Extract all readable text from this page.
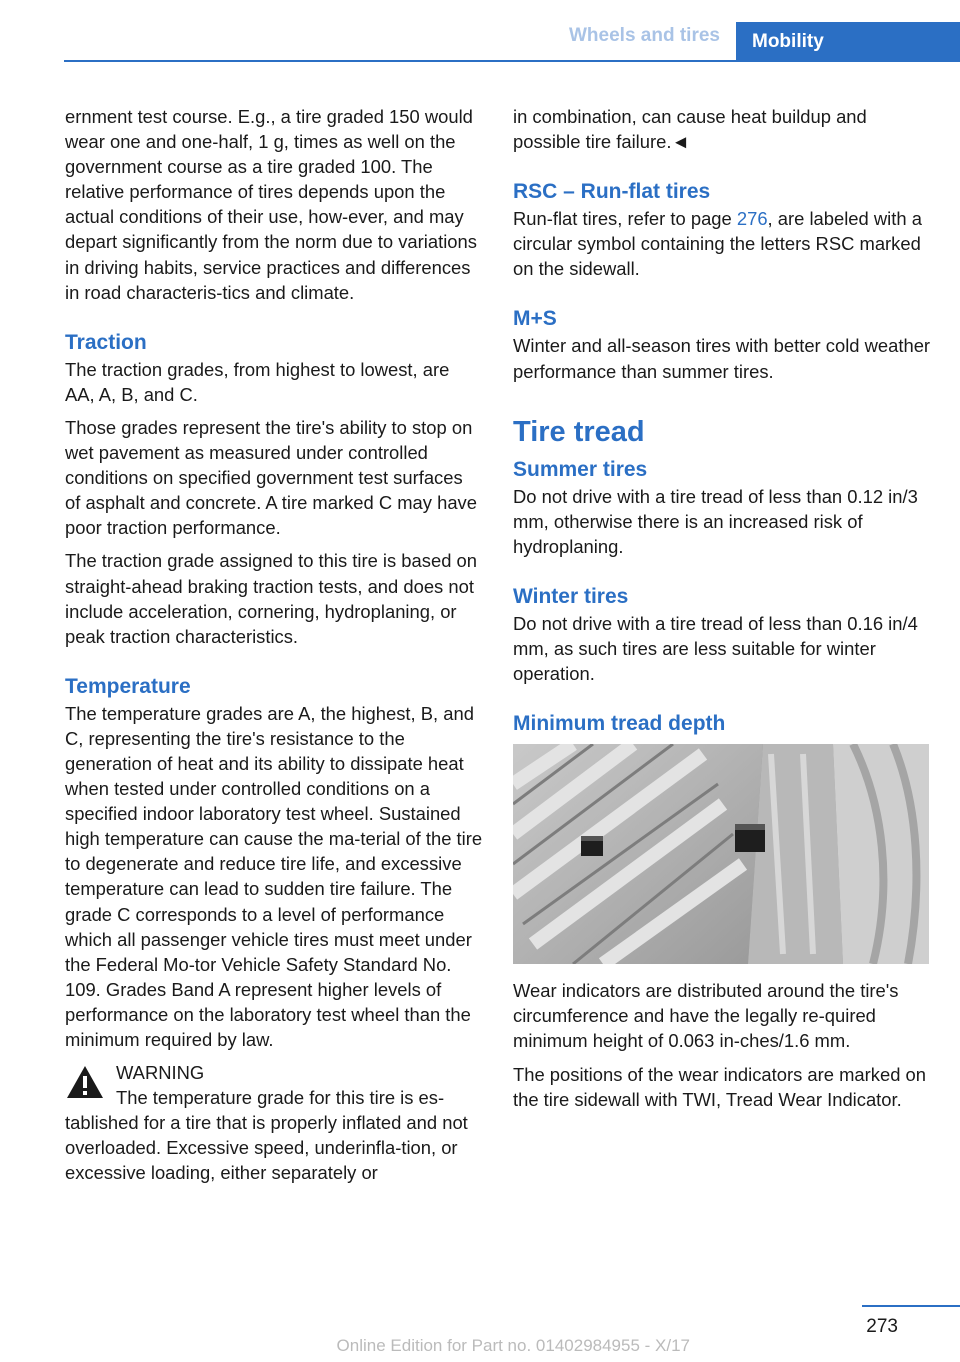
Wheels and tires	Mobility

ernment test course. E.g., a tire graded 150 would wear one and one-half, 1 g, times as well on the government course as a tire graded 100. The relative performance of tires depends upon the actual conditions of their use, how-ever, and may depart significantly from the norm due to variations in driving habits, service practices and differences in road characteris-tics and climate.

Traction

The traction grades, from highest to lowest, are AA, A, B, and C.

Those grades represent the tire's ability to stop on wet pavement as measured under controlled conditions on specified government test surfaces of asphalt and concrete. A tire marked C may have poor traction performance.

The traction grade assigned to this tire is based on straight-ahead braking traction tests, and does not include acceleration, cornering, hydroplaning, or peak traction characteristics.

Temperature

The temperature grades are A, the highest, B, and C, representing the tire's resistance to the generation of heat and its ability to dissipate heat when tested under controlled conditions on a specified indoor laboratory test wheel. Sustained high temperature can cause the ma-terial of the tire to degenerate and reduce tire life, and excessive temperature can lead to sudden tire failure. The grade C corresponds to a level of performance which all passenger vehicle tires must meet under the Federal Mo-tor Vehicle Safety Standard No. 109. Grades Band A represent higher levels of performance on the laboratory test wheel than the minimum required by law.

WARNING
The temperature grade for this tire is es-
tablished for a tire that is properly inflated and not overloaded. Excessive speed, underinfla-tion, or excessive loading, either separately or

in combination, can cause heat buildup and possible tire failure.◄

RSC – Run-flat tires

Run-flat tires, refer to page 276, are labeled with a circular symbol containing the letters RSC marked on the sidewall.

M+S

Winter and all-season tires with better cold weather performance than summer tires.

Tire tread
Summer tires

Do not drive with a tire tread of less than 0.12 in/3 mm, otherwise there is an increased risk of hydroplaning.

Winter tires

Do not drive with a tire tread of less than 0.16 in/4 mm, as such tires are less suitable for winter operation.

Minimum tread depth

Wear indicators are distributed around the tire's circumference and have the legally re-quired minimum height of 0.063 in-ches/1.6 mm.

The positions of the wear indicators are marked on the tire sidewall with TWI, Tread Wear Indicator.

273
Online Edition for Part no. 01402984955 - X/17
